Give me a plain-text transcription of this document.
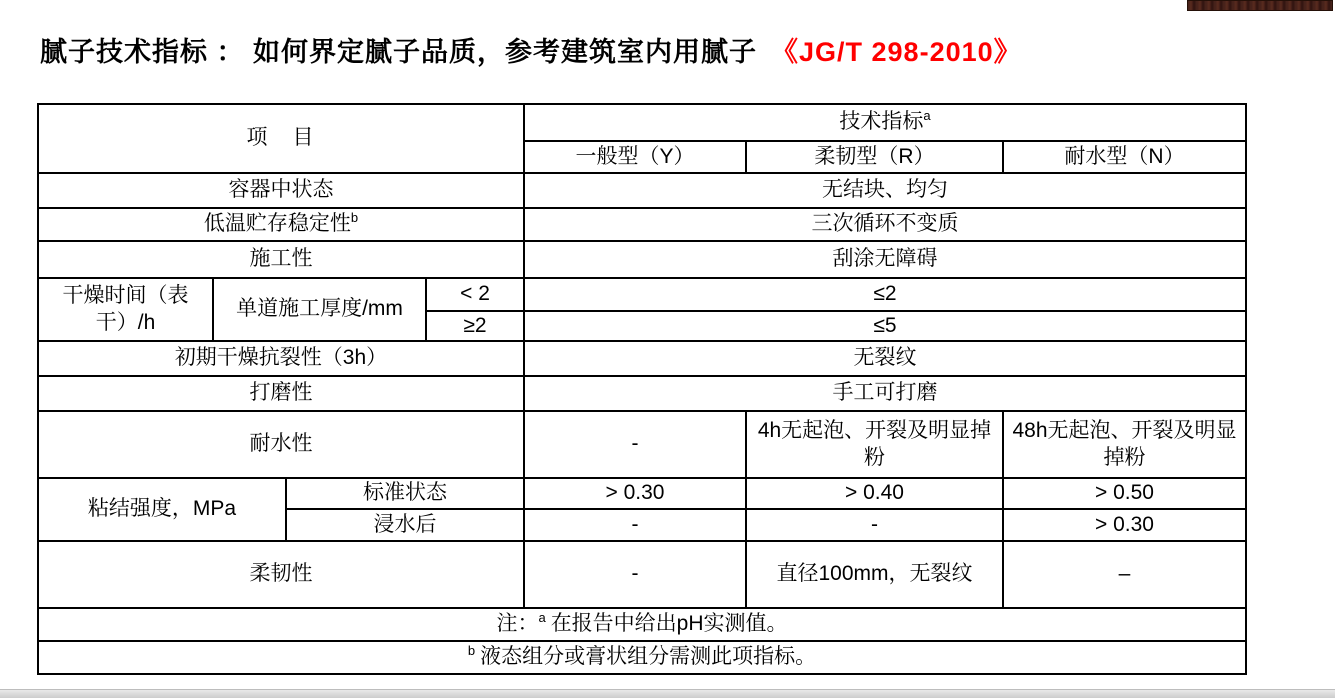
腻子技术指标 ： 如何界定腻子品质，参考建筑室内用腻子 《JG/T 298-2010》
项　目				技术指标$^a$
				一般型（Y）	柔韧型（R）	耐水型（N）
容器中状态				无结块、均匀		
低温贮存稳定性$^b$				三次循环不变质		
施工性				刮涂无障碍		
干燥时间（表干）/h	单道施工厚度/mm		< 2	≤2		
			≥2	≤5		
初期干燥抗裂性（3h）				无裂纹		
打磨性				手工可打磨		
耐水性				-	4h无起泡、开裂及明显掉粉	48h无起泡、开裂及明显掉粉
粘结强度，MPa		标准状态		> 0.30	> 0.40	> 0.50
		浸水后		-	-	> 0.30
柔韧性				-	直径100mm，无裂纹	–
注：$^a$ 在报告中给出pH实测值。						
$^b$ 液态组分或膏状组分需测此项指标。						
